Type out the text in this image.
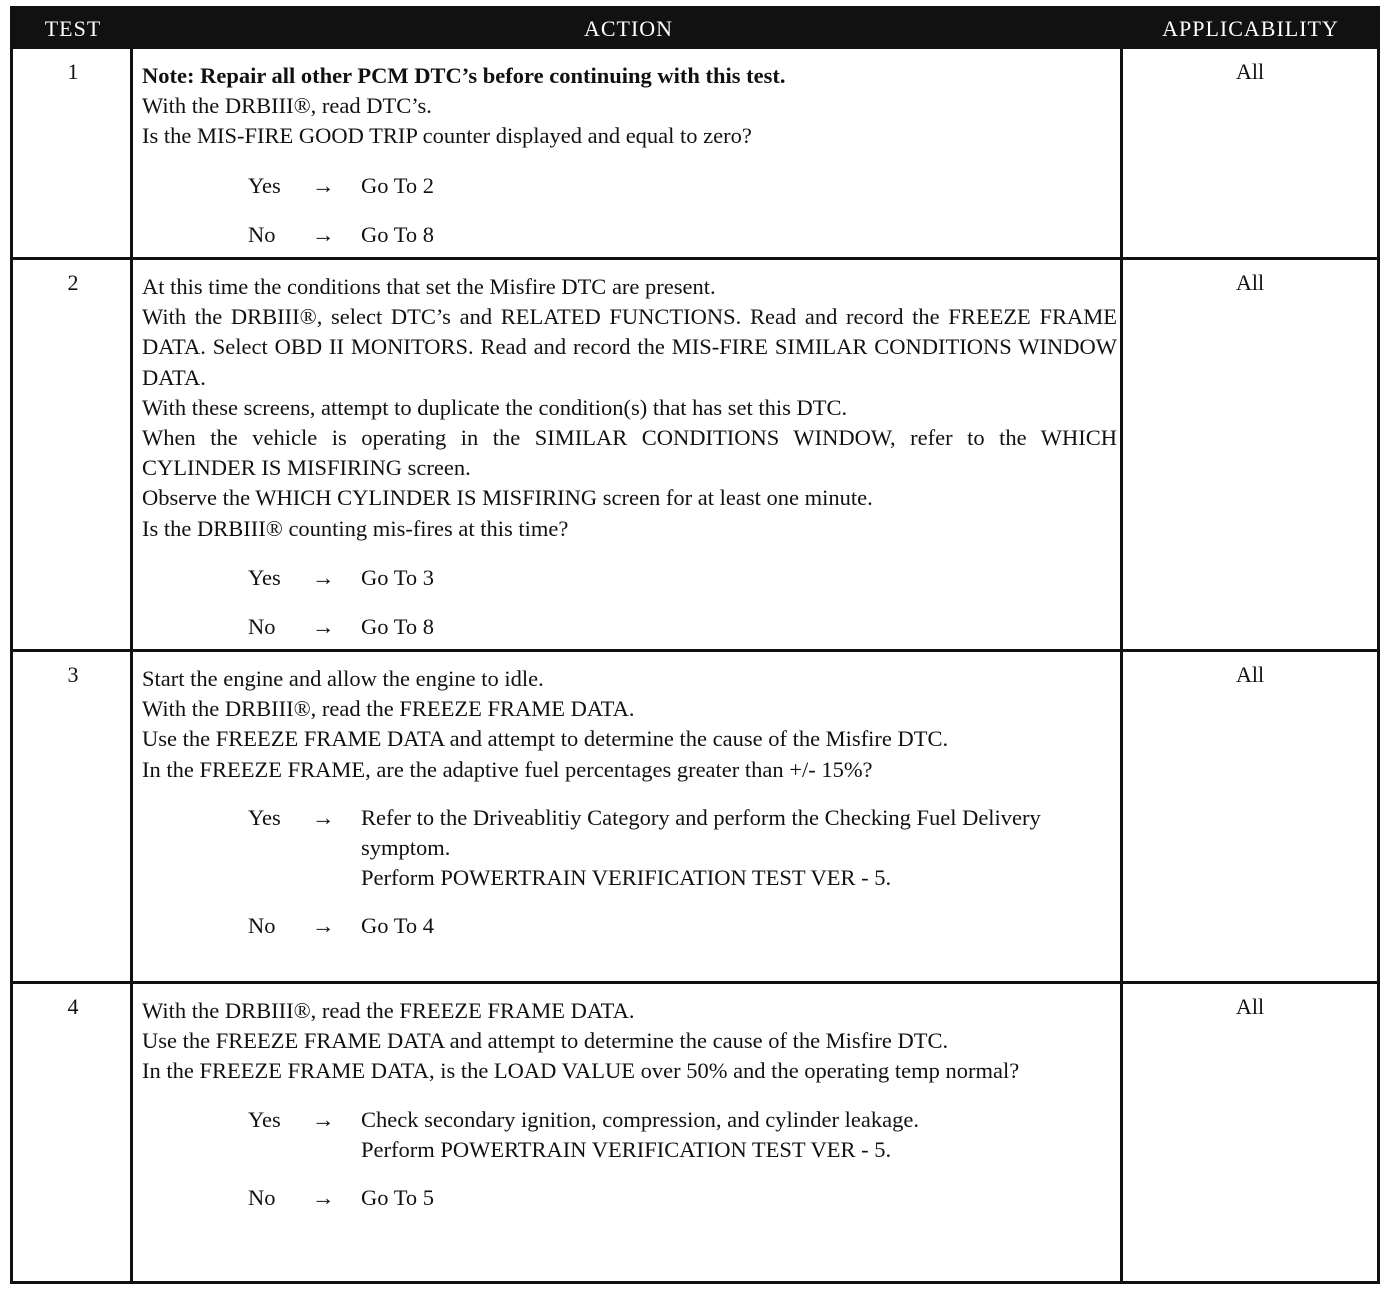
TEST	ACTION	APPLICABILITY
1	Note: Repair all other PCM DTC’s before continuing with this test.

With the DRBIII®, read DTC’s.

Is the MIS-FIRE GOOD TRIP counter displayed and equal to zero?

Yes	→	Go To 2
No	→	Go To 8
All
2	At this time the conditions that set the Misfire DTC are present.

With the DRBIII®, select DTC’s and RELATED FUNCTIONS. Read and record the FREEZE FRAME DATA. Select OBD II MONITORS. Read and record the MIS-FIRE SIMILAR CONDITIONS WINDOW DATA.

With these screens, attempt to duplicate the condition(s) that has set this DTC.

When the vehicle is operating in the SIMILAR CONDITIONS WINDOW, refer to the WHICH CYLINDER IS MISFIRING screen.

Observe the WHICH CYLINDER IS MISFIRING screen for at least one minute.

Is the DRBIII® counting mis-fires at this time?

Yes	→	Go To 3
No	→	Go To 8
All
3	Start the engine and allow the engine to idle.

With the DRBIII®, read the FREEZE FRAME DATA.

Use the FREEZE FRAME DATA and attempt to determine the cause of the Misfire DTC.

In the FREEZE FRAME, are the adaptive fuel percentages greater than +/- 15%?

Yes	→	Refer to the Driveablitiy Category and perform the Checking Fuel Delivery symptom.
Perform POWERTRAIN VERIFICATION TEST VER - 5.
No	→	Go To 4
All
4	With the DRBIII®, read the FREEZE FRAME DATA.

Use the FREEZE FRAME DATA and attempt to determine the cause of the Misfire DTC.

In the FREEZE FRAME DATA, is the LOAD VALUE over 50% and the operating temp normal?

Yes	→	Check secondary ignition, compression, and cylinder leakage.
Perform POWERTRAIN VERIFICATION TEST VER - 5.
No	→	Go To 5
All
